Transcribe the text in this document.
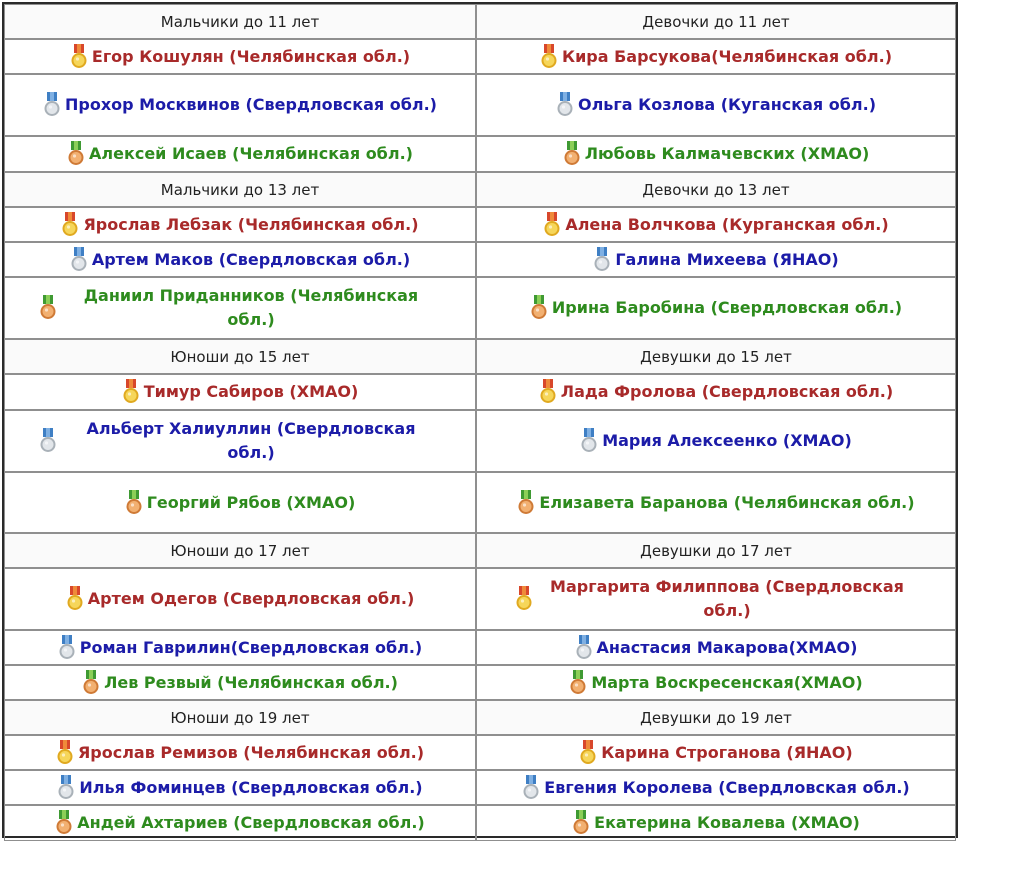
Мальчики до 11 лет	Девочки до 11 лет

Егор Кошулян (Челябинская обл.)	Кира Барсукова(Челябинская обл.)

Прохор Москвинов (Свердловская обл.)	Ольга Козлова (Куганская обл.)

Алексей Исаев (Челябинская обл.)	Любовь Калмачевских (ХМАО)
Мальчики до 13 лет	Девочки до 13 лет

Ярослав Лебзак (Челябинская обл.)	Алена Волчкова (Курганская обл.)

Артем Маков (Свердловская обл.)	Галина Михеева (ЯНАО)

Даниил Приданников (Челябинская обл.)	Ирина Баробина (Свердловская обл.)
Юноши до 15 лет	Девушки до 15 лет

Тимур Сабиров (ХМАО)	Лада Фролова (Свердловская обл.)

Альберт Халиуллин (Свердловская обл.)	Мария Алексеенко (ХМАО)

Георгий Рябов (ХМАО)	Елизавета Баранова (Челябинская обл.)
Юноши до 17 лет	Девушки до 17 лет

Артем Одегов (Свердловская обл.)	Маргарита Филиппова (Свердловская обл.)

Роман Гаврилин(Свердловская обл.)	Анастасия Макарова(ХМАО)

Лев Резвый (Челябинская обл.)	Марта Воскресенская(ХМАО)
Юноши до 19 лет	Девушки до 19 лет

Ярослав Ремизов (Челябинская обл.)	Карина Строганова (ЯНАО)

Илья Фоминцев (Свердловская обл.)	Евгения Королева (Свердловская обл.)

Андей Ахтариев (Свердловская обл.)	Екатерина Ковалева (ХМАО)
